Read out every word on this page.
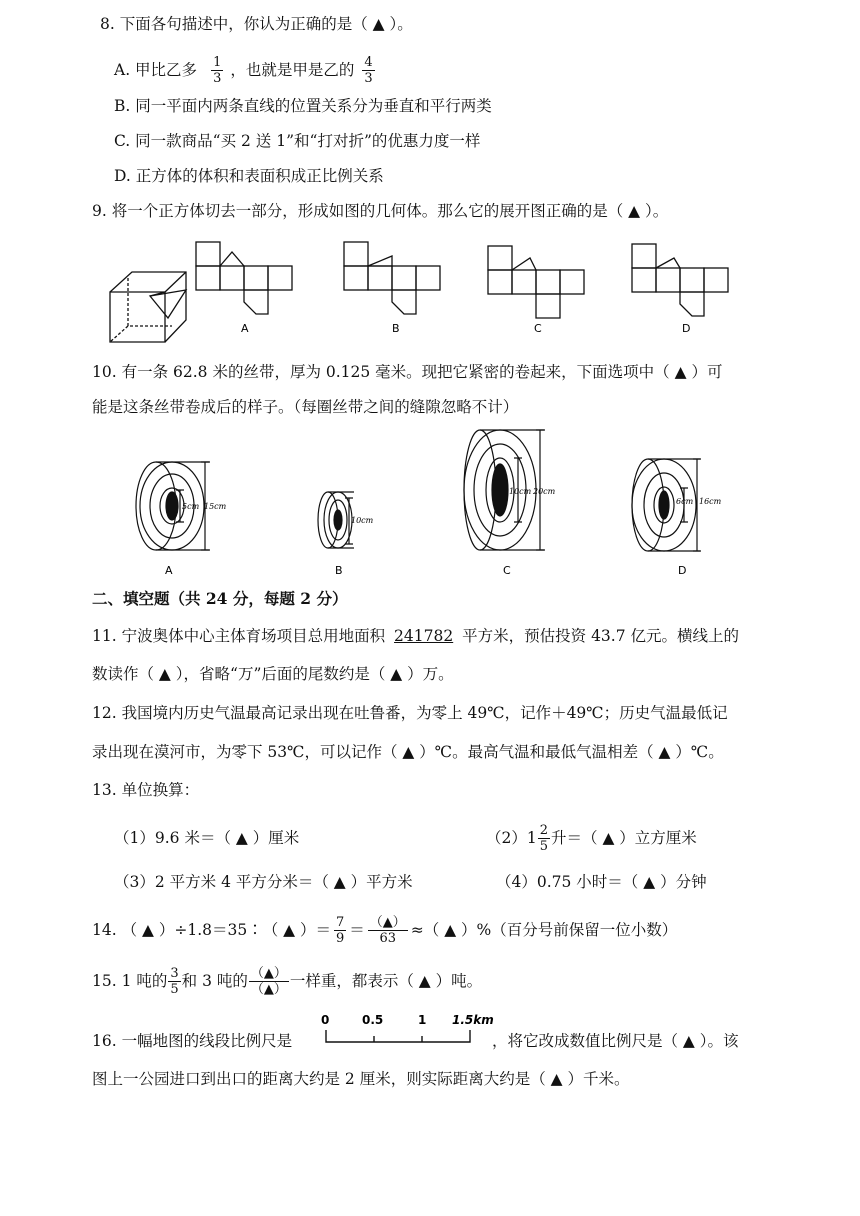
8. 下面各句描述中，你认为正确的是（ ▲ ）。
A. 甲比乙多 $\frac{1}{3}$ ，也就是甲是乙的 $\frac{4}{3}$
B. 同一平面内两条直线的位置关系分为垂直和平行两类
C. 同一款商品“买 2 送 1”和“打对折”的优惠力度一样
D. 正方体的体积和表面积成正比例关系
9. 将一个正方体切去一部分，形成如图的几何体。那么它的展开图正确的是（ ▲ ）。
A	B	C	D
5cm 15cm
10cm
10cm 20cm
6cm 16cm
A	B	C	D
0	0.5	1 1.5km
10. 有一条 62.8 米的丝带，厚为 0.125 毫米。现把它紧密的卷起来，下面选项中（ ▲ ）可
能是这条丝带卷成后的样子。（每圈丝带之间的缝隙忽略不计）
二、填空题（共 24 分，每题 2 分）
11. 宁波奥体中心主体育场项目总用地面积 241782 平方米，预估投资 43.7 亿元。横线上的
数读作（ ▲ ），省略“万”后面的尾数约是（ ▲ ）万。
12. 我国境内历史气温最高记录出现在吐鲁番，为零上 49℃，记作＋49℃；历史气温最低记
录出现在漠河市，为零下 53℃，可以记作（ ▲ ）℃。最高气温和最低气温相差（ ▲ ）℃。
13. 单位换算：
（1）9.6 米＝（ ▲ ）厘米	$(2)1 \frac{2}{5}$ 升＝（ ▲ ）立方厘米
（3）2 平方米 4 平方分米＝（ ▲ ）平方米	（4）0.75 小时＝（ ▲ ）分钟
14. （ ▲ ）÷1.8＝35∶（ ▲ ）＝ $\frac{7}{9} = \frac{(▲)}{63}$ ≈（ ▲ ）%（百分号前保留一位小数）
15. 1 吨的 $\frac{3}{5}$ 和 3 吨的 $\frac{(▲)}{(▲)}$ 一样重，都表示（ ▲ ）吨。
16. 一幅地图的线段比例尺是	，将它改成数值比例尺是（ ▲ ）。该
图上一公园进口到出口的距离大约是 2 厘米，则实际距离大约是（ ▲ ）千米。
